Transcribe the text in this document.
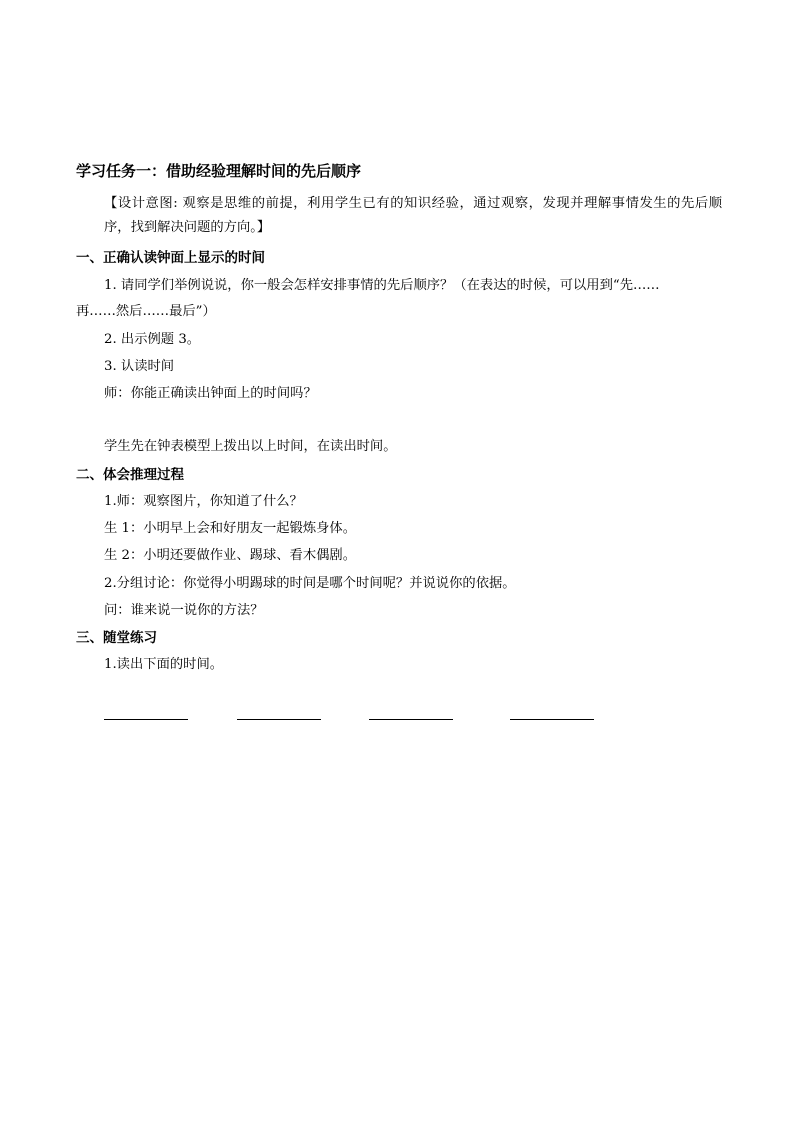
学习任务一：借助经验理解时间的先后顺序
【设计意图: 观察是思维的前提，利用学生已有的知识经验，通过观察，发现并理解事情发生的先后顺序，找到解决问题的方向。】
一、正确认读钟面上显示的时间
1. 请同学们举例说说，你一般会怎样安排事情的先后顺序？（在表达的时候，可以用到“先……
再……然后……最后”）
2. 出示例题 3。
3. 认读时间
师：你能正确读出钟面上的时间吗？
学生先在钟表模型上拨出以上时间，在读出时间。
二、体会推理过程
1.师：观察图片，你知道了什么？
生 1：小明早上会和好朋友一起锻炼身体。
生 2：小明还要做作业、踢球、看木偶剧。
2.分组讨论：你觉得小明踢球的时间是哪个时间呢？并说说你的依据。
问：谁来说一说你的方法？
三、随堂练习
1.读出下面的时间。
